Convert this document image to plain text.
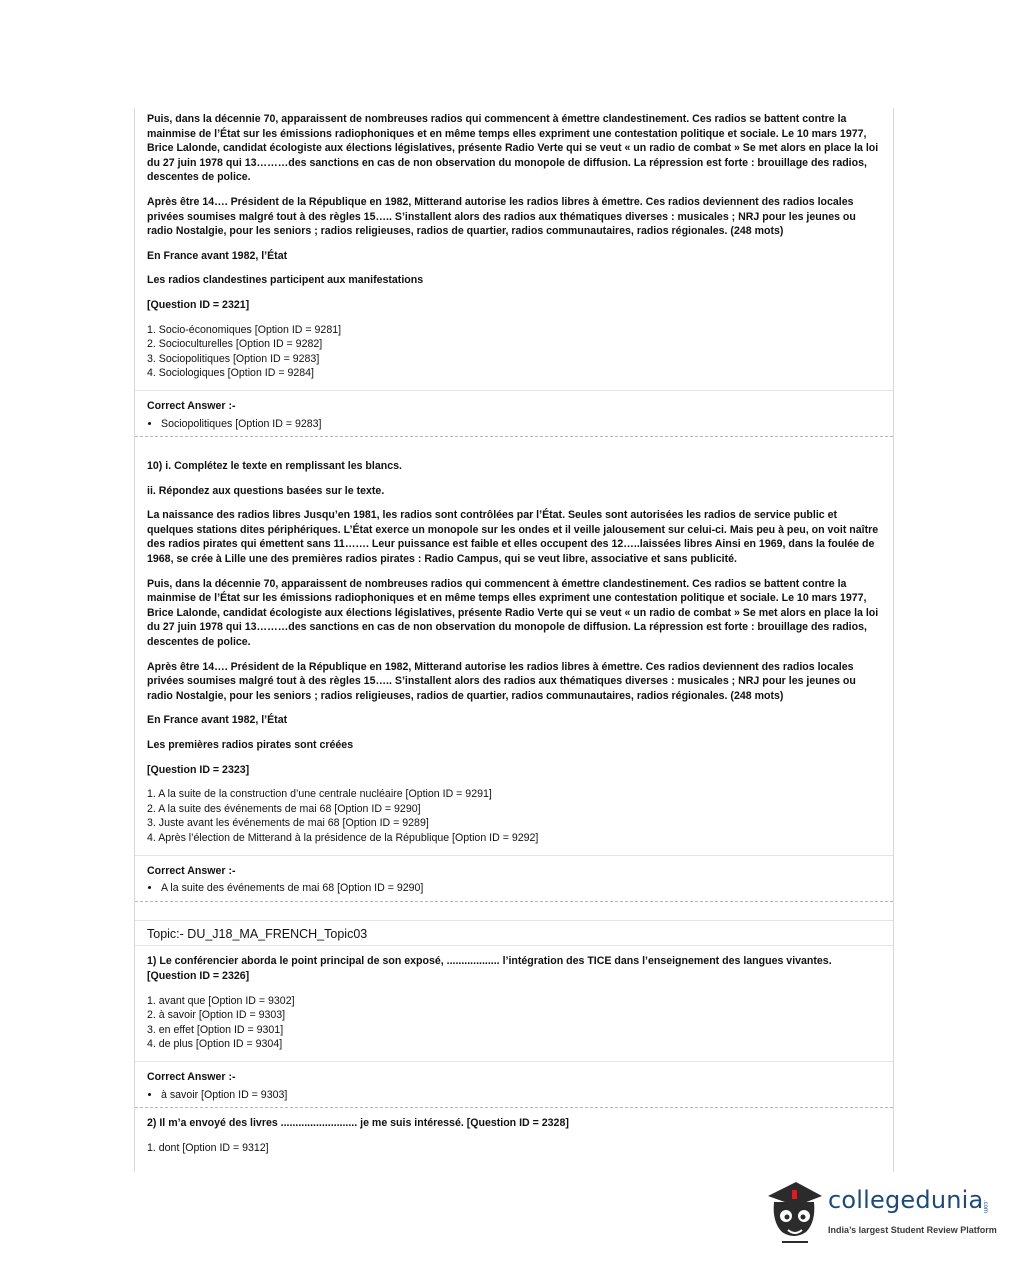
Puis, dans la décennie 70, apparaissent de nombreuses radios qui commencent à émettre clandestinement. Ces radios se battent contre la mainmise de l’État sur les émissions radiophoniques et en même temps elles expriment une contestation politique et sociale. Le 10 mars 1977, Brice Lalonde, candidat écologiste aux élections législatives, présente Radio Verte qui se veut « un radio de combat » Se met alors en place la loi du 27 juin 1978 qui 13………des sanctions en cas de non observation du monopole de diffusion. La répression est forte : brouillage des radios, descentes de police.

Après être 14…. Président de la République en 1982, Mitterand autorise les radios libres à émettre. Ces radios deviennent des radios locales privées soumises malgré tout à des règles 15….. S’installent alors des radios aux thématiques diverses : musicales ; NRJ pour les jeunes ou radio Nostalgie, pour les seniors ; radios religieuses, radios de quartier, radios communautaires, radios régionales. (248 mots)

En France avant 1982, l’État

Les radios clandestines participent aux manifestations

[Question ID = 2321]

1. Socio-économiques [Option ID = 9281]
2. Socioculturelles [Option ID = 9282]
3. Sociopolitiques [Option ID = 9283]
4. Sociologiques [Option ID = 9284]
Correct Answer :-
• Sociopolitiques [Option ID = 9283]

10) i. Complétez le texte en remplissant les blancs.

ii. Répondez aux questions basées sur le texte.

La naissance des radios libres Jusqu’en 1981, les radios sont contrôlées par l’État. Seules sont autorisées les radios de service public et quelques stations dites périphériques. L’État exerce un monopole sur les ondes et il veille jalousement sur celui-ci. Mais peu à peu, on voit naître des radios pirates qui émettent sans 11……. Leur puissance est faible et elles occupent des 12…..laissées libres Ainsi en 1969, dans la foulée de 1968, se crée à Lille une des premières radios pirates : Radio Campus, qui se veut libre, associative et sans publicité.

Puis, dans la décennie 70, apparaissent de nombreuses radios qui commencent à émettre clandestinement. Ces radios se battent contre la mainmise de l’État sur les émissions radiophoniques et en même temps elles expriment une contestation politique et sociale. Le 10 mars 1977, Brice Lalonde, candidat écologiste aux élections législatives, présente Radio Verte qui se veut « un radio de combat » Se met alors en place la loi du 27 juin 1978 qui 13………des sanctions en cas de non observation du monopole de diffusion. La répression est forte : brouillage des radios, descentes de police.

Après être 14…. Président de la République en 1982, Mitterand autorise les radios libres à émettre. Ces radios deviennent des radios locales privées soumises malgré tout à des règles 15….. S’installent alors des radios aux thématiques diverses : musicales ; NRJ pour les jeunes ou radio Nostalgie, pour les seniors ; radios religieuses, radios de quartier, radios communautaires, radios régionales. (248 mots)

En France avant 1982, l’État

Les premières radios pirates sont créées

[Question ID = 2323]

1. A la suite de la construction d’une centrale nucléaire [Option ID = 9291]
2. A la suite des événements de mai 68 [Option ID = 9290]
3. Juste avant les événements de mai 68 [Option ID = 9289]
4. Après l’élection de Mitterand à la présidence de la République [Option ID = 9292]
Correct Answer :-
• A la suite des événements de mai 68 [Option ID = 9290]

Topic:- DU_J18_MA_FRENCH_Topic03

1) Le conférencier aborda le point principal de son exposé, .................. l’intégration des TICE dans l’enseignement des langues vivantes.

[Question ID = 2326]

1. avant que [Option ID = 9302]
2. à savoir [Option ID = 9303]
3. en effet [Option ID = 9301]
4. de plus [Option ID = 9304]
Correct Answer :-
• à savoir [Option ID = 9303]

2) Il m’a envoyé des livres .......................... je me suis intéressé. [Question ID = 2328]

1. dont [Option ID = 9312]
collegedunia
.com
India’s largest Student Review Platform
